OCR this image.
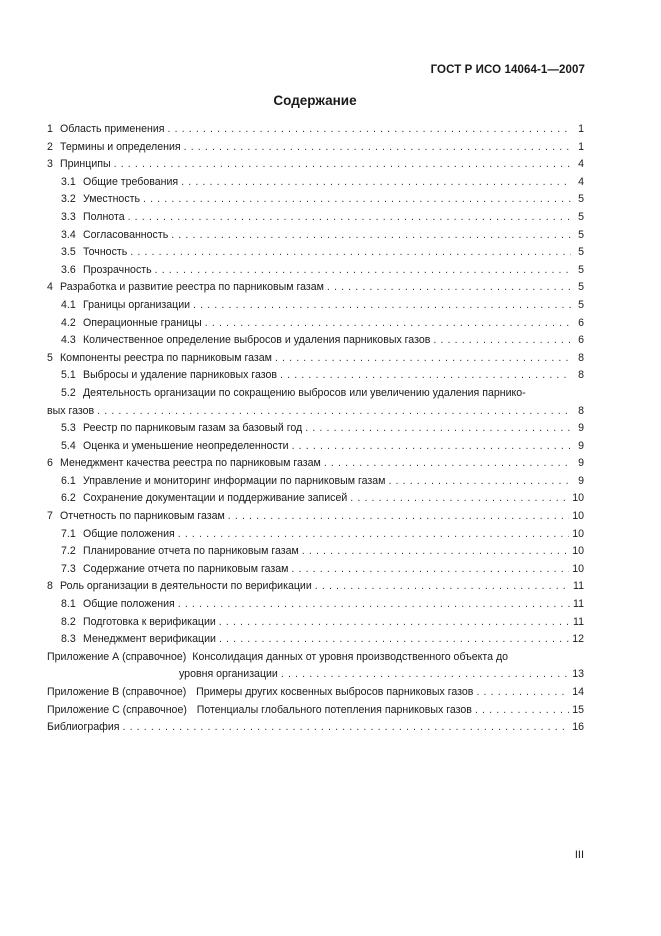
ГОСТ Р ИСО 14064-1—2007
Содержание
1 Область применения . . .	1
2 Термины и определения . . .	1
3 Принципы . . .	4
3.1 Общие требования . . .	4
3.2 Уместность . . .	5
3.3 Полнота . . .	5
3.4 Согласованность . . .	5
3.5 Точность . . .	5
3.6 Прозрачность . . .	5
4 Разработка и развитие реестра по парниковым газам . . .	5
4.1 Границы организации . . .	5
4.2 Операционные границы . . .	6
4.3 Количественное определение выбросов и удаления парниковых газов . . .	6
5 Компоненты реестра по парниковым газам . . .	8
5.1 Выбросы и удаление парниковых газов . . .	8
5.2 Деятельность организации по сокращению выбросов или увеличению удаления парнико-
вых газов . . .	8
5.3 Реестр по парниковым газам за базовый год . . .	9
5.4 Оценка и уменьшение неопределенности . . .	9
6 Менеджмент качества реестра по парниковым газам . . .	9
6.1 Управление и мониторинг информации по парниковым газам . . .	9
6.2 Сохранение документации и поддерживание записей . . .	10
7 Отчетность по парниковым газам . . .	10
7.1 Общие положения . . .	10
7.2 Планирование отчета по парниковым газам . . .	10
7.3 Содержание отчета по парниковым газам . . .	10
8 Роль организации в деятельности по верификации . . .	11
8.1 Общие положения . . .	11
8.2 Подготовка к верификации . . .	11
8.3 Менеджмент верификации . . .	12
Приложение А (справочное) Консолидация данных от уровня производственного объекта до
уровня организации . . .	13
Приложение В (справочное) Примеры других косвенных выбросов парниковых газов . . .	14
Приложение С (справочное) Потенциалы глобального потепления парниковых газов . . .	15
Библиография . . .	16
III
